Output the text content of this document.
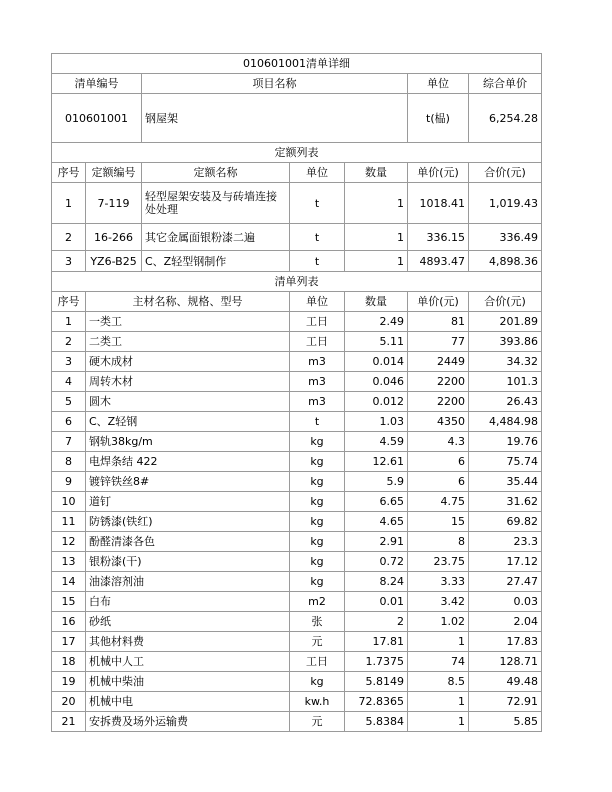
010601001清单详细						
清单编号		项目名称			单位	综合单价
010601001		钢屋架			t(榀)	6,254.28
定额列表						
序号	定额编号	定额名称	单位	数量	单价(元)	合价(元)
1	7-119	轻型屋架安装及与砖墙连接处处理	t	1	1018.41	1,019.43
2	16-266	其它金属面银粉漆二遍	t	1	336.15	336.49
3	YZ6-B25	C、Z轻型钢制作	t	1	4893.47	4,898.36
清单列表						
序号	主材名称、规格、型号		单位	数量	单价(元)	合价(元)
1	一类工		工日	2.49	81	201.89
2	二类工		工日	5.11	77	393.86
3	硬木成材		m3	0.014	2449	34.32
4	周转木材		m3	0.046	2200	101.3
5	圆木		m3	0.012	2200	26.43
6	C、Z轻钢		t	1.03	4350	4,484.98
7	钢轨38kg/m		kg	4.59	4.3	19.76
8	电焊条结 422		kg	12.61	6	75.74
9	镀锌铁丝8#		kg	5.9	6	35.44
10	道钉		kg	6.65	4.75	31.62
11	防锈漆(铁红)		kg	4.65	15	69.82
12	酚醛清漆各色		kg	2.91	8	23.3
13	银粉漆(干)		kg	0.72	23.75	17.12
14	油漆溶剂油		kg	8.24	3.33	27.47
15	白布		m2	0.01	3.42	0.03
16	砂纸		张	2	1.02	2.04
17	其他材料费		元	17.81	1	17.83
18	机械中人工		工日	1.7375	74	128.71
19	机械中柴油		kg	5.8149	8.5	49.48
20	机械中电		kw.h	72.8365	1	72.91
21	安拆费及场外运输费		元	5.8384	1	5.85
